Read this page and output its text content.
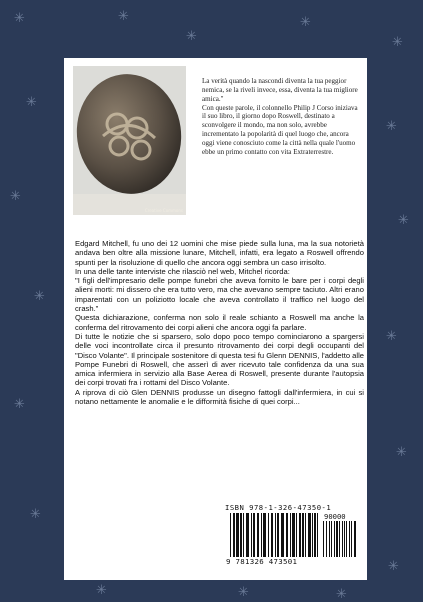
✳	✳
✳
✳
✳
✳
✳
✳
✳
✳
✳
✳
✳
✳
✳
✳	✳	✳
Creative Commons

La verità quando la nascondi diventa la tua peggior nemica, se la riveli invece, essa, diventa la tua migliore amica."

Con queste parole, il colonnello Philip J Corso iniziava il suo libro, il giorno dopo Roswell, destinato a sconvolgere il mondo, ma non solo, avrebbe incrementato la popolarità di quel luogo che, ancora oggi viene conosciuto come la città nella quale l'uomo ebbe un primo contatto con vita Extraterrestre.

Edgard Mitchell, fu uno dei 12 uomini che mise piede sulla luna, ma la sua notorietà andava ben oltre alla missione lunare, Mitchell, infatti, era legato a Roswell offrendo spunti per la risoluzione di quello che ancora oggi sembra un caso irrisolto.

In una delle tante interviste che rilasciò nel web, Mitchel ricorda:

"I figli dell'impresario delle pompe funebri che aveva fornito le bare per i corpi degli alieni morti: mi dissero che era tutto vero, ma che avevano sempre taciuto. Altri erano imparentati con un poliziotto locale che aveva controllato il traffico nel luogo del crash."

Questa dichiarazione, conferma non solo il reale schianto a Roswell ma anche la conferma del ritrovamento dei corpi alieni che ancora oggi fa parlare.

Di tutte le notizie che si sparsero, solo dopo poco tempo cominciarono a spargersi delle voci incontrollate circa il presunto ritrovamento dei corpi degli occupanti del "Disco Volante". Il principale sostenitore di questa tesi fu Glenn DENNIS, l'addetto alle Pompe Funebri di Roswell, che asserì di aver ricevuto tale confidenza da una sua amica infermiera in servizio alla Base Aerea di Roswell, presente durante l'autopsia dei corpi trovati fra i rottami del Disco Volante.

A riprova di ciò Glen DENNIS produsse un disegno fattogli dall'infermiera, in cui si notano nettamente le anomalie e le difformità fisiche di quei corpi...

ISBN 978-1-326-47350-1
90000
9 781326 473501
